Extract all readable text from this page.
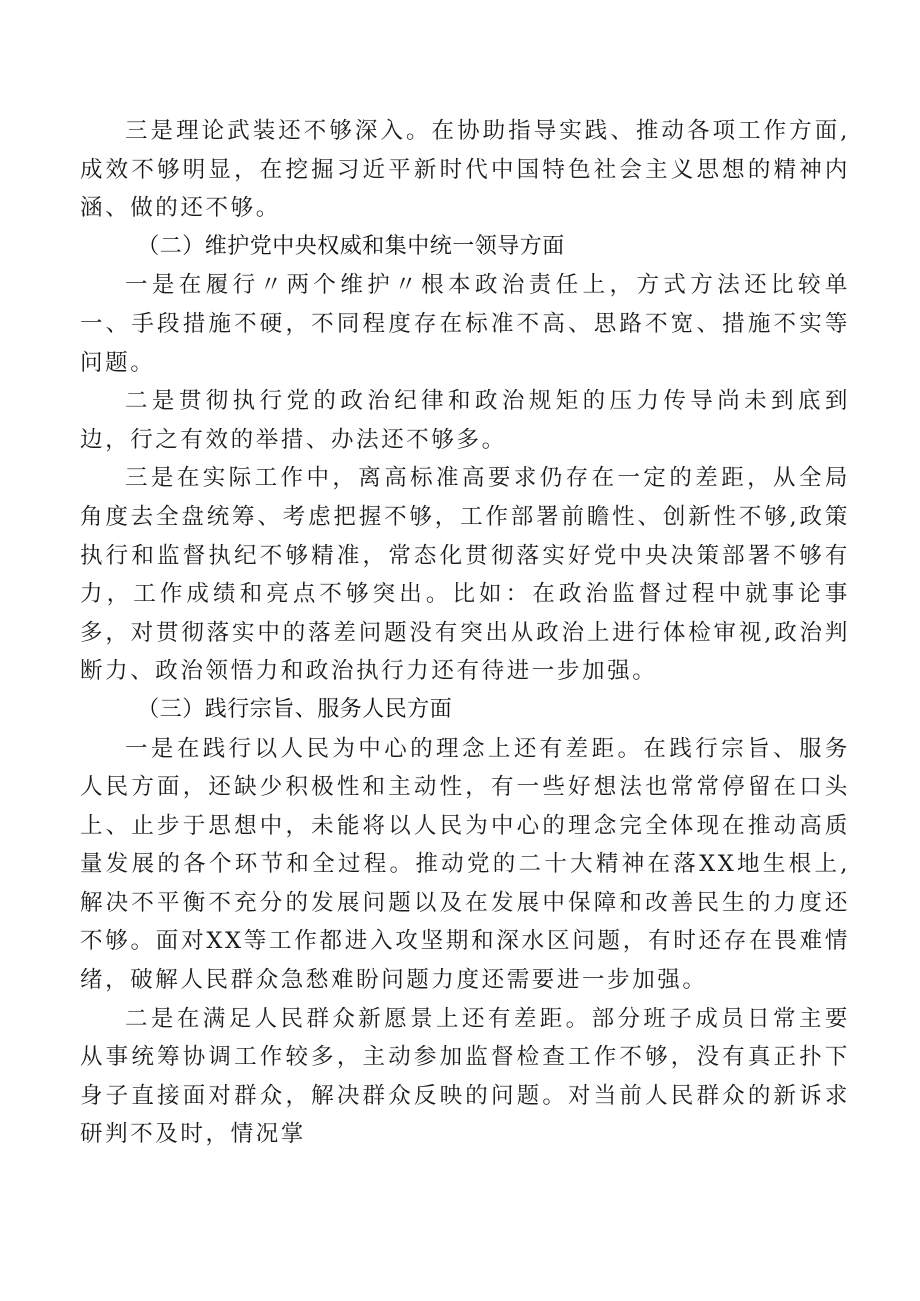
三是理论武装还不够深入。在协助指导实践、推动各项工作方面,成效不够明显，在挖掘习近平新时代中国特色社会主义思想的精神内涵、做的还不够。

（二）维护党中央权威和集中统一领导方面

一是在履行〃两个维护〃根本政治责任上，方式方法还比较单一、手段措施不硬，不同程度存在标准不高、思路不宽、措施不实等问题。

二是贯彻执行党的政治纪律和政治规矩的压力传导尚未到底到边，行之有效的举措、办法还不够多。

三是在实际工作中，离高标准高要求仍存在一定的差距，从全局角度去全盘统筹、考虑把握不够，工作部署前瞻性、创新性不够,政策执行和监督执纪不够精准，常态化贯彻落实好党中央决策部署不够有力，工作成绩和亮点不够突出。比如：在政治监督过程中就事论事多，对贯彻落实中的落差问题没有突出从政治上进行体检审视,政治判断力、政治领悟力和政治执行力还有待进一步加强。

（三）践行宗旨、服务人民方面

一是在践行以人民为中心的理念上还有差距。在践行宗旨、服务人民方面，还缺少积极性和主动性，有一些好想法也常常停留在口头上、止步于思想中，未能将以人民为中心的理念完全体现在推动高质量发展的各个环节和全过程。推动党的二十大精神在落XX地生根上,解决不平衡不充分的发展问题以及在发展中保障和改善民生的力度还不够。面对XX等工作都进入攻坚期和深水区问题，有时还存在畏难情绪，破解人民群众急愁难盼问题力度还需要进一步加强。

二是在满足人民群众新愿景上还有差距。部分班子成员日常主要从事统筹协调工作较多，主动参加监督检查工作不够，没有真正扑下身子直接面对群众，解决群众反映的问题。对当前人民群众的新诉求研判不及时，情况掌
